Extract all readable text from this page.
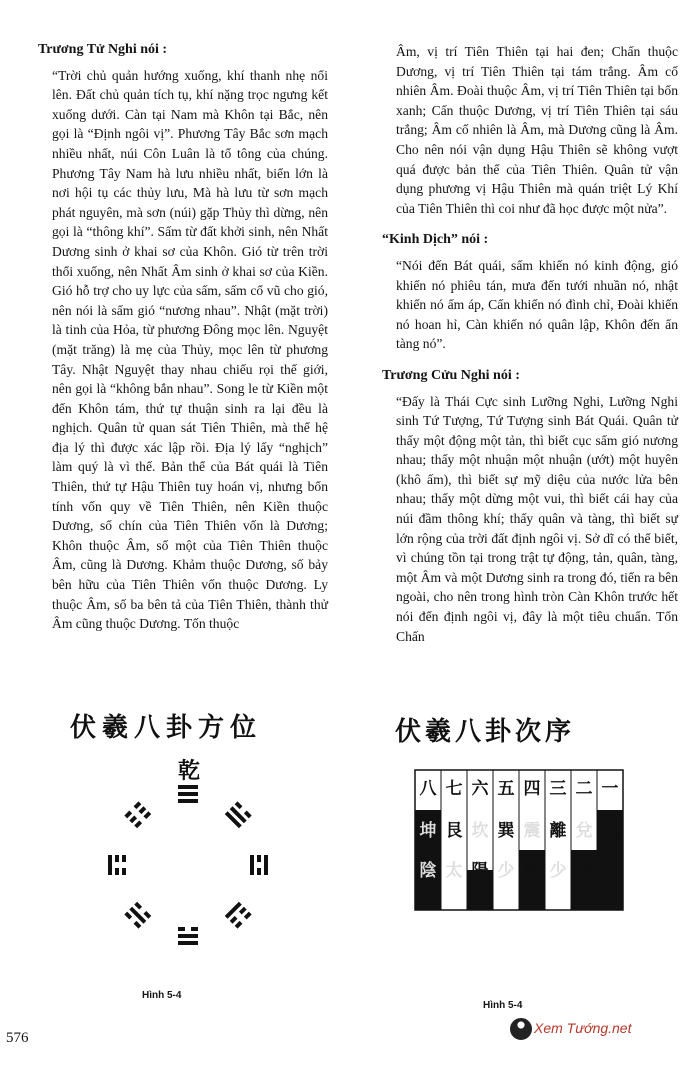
Trương Tử Nghi nói :
“Trời chủ quản hướng xuống, khí thanh nhẹ nổi lên. Đất chủ quản tích tụ, khí nặng trọc ngưng kết xuống dưới. Càn tại Nam mà Khôn tại Bắc, nên gọi là “Định ngôi vị”. Phương Tây Bắc sơn mạch nhiều nhất, núi Côn Luân là tổ tông của chúng. Phương Tây Nam hà lưu nhiều nhất, biển lớn là nơi hội tụ các thủy lưu, Mà hà lưu từ sơn mạch phát nguyên, mà sơn (núi) gặp Thủy thì dừng, nên gọi là “thông khí”. Sấm từ đất khởi sinh, nên Nhất Dương sinh ở khai sơ của Khôn. Gió từ trên trời thổi xuống, nên Nhất Âm sinh ở khai sơ của Kiền. Gió hỗ trợ cho uy lực của sấm, sấm cổ vũ cho gió, nên nói là sấm gió “nương nhau”. Nhật (mặt trời) là tinh của Hỏa, từ phương Đông mọc lên. Nguyệt (mặt trăng) là mẹ của Thủy, mọc lên từ phương Tây. Nhật Nguyệt thay nhau chiếu rọi thế giới, nên gọi là “không bắn nhau”. Song le từ Kiền một đến Khôn tám, thứ tự thuận sinh ra lại đều là nghịch. Quân tử quan sát Tiên Thiên, mà thể hệ địa lý thì được xác lập rồi. Địa lý lấy “nghịch” làm quý là vì thế. Bản thể của Bát quái là Tiên Thiên, thứ tự Hậu Thiên tuy hoán vị, nhưng bổn tính vốn quy về Tiên Thiên, nên Kiền thuộc Dương, số chín của Tiên Thiên vốn là Dương; Khôn thuộc Âm, số một của Tiên Thiên thuộc Âm, cũng là Dương. Khảm thuộc Dương, số bảy bên hữu của Tiên Thiên vốn thuộc Dương. Ly thuộc Âm, số ba bên tả của Tiên Thiên, thành thử Âm cũng thuộc Dương. Tốn thuộc
Âm, vị trí Tiên Thiên tại hai đen; Chấn thuộc Dương, vị trí Tiên Thiên tại tám trắng. Âm cố nhiên Âm. Đoài thuộc Âm, vị trí Tiên Thiên tại bốn xanh; Cấn thuộc Dương, vị trí Tiên Thiên tại sáu trắng; Âm cố nhiên là Âm, mà Dương cũng là Âm. Cho nên nói vận dụng Hậu Thiên sẽ không vượt quá được bản thể của Tiên Thiên. Quân tử vận dụng phương vị Hậu Thiên mà quán triệt Lý Khí của Tiên Thiên thì coi như đã học được một nửa”.
“Kinh Dịch” nói :
“Nói đến Bát quái, sấm khiến nó kinh động, gió khiến nó phiêu tán, mưa đến tưới nhuần nó, nhật khiến nó ấm áp, Cấn khiến nó đình chỉ, Đoài khiến nó hoan hỉ, Càn khiến nó quân lập, Khôn đến ẩn tàng nó”.
Trương Cửu Nghi nói :
“Đấy là Thái Cực sinh Lưỡng Nghi, Lưỡng Nghi sinh Tứ Tượng, Tứ Tượng sinh Bát Quái. Quân tử thấy một động một tản, thì biết cục sấm gió nương nhau; thấy một nhuận một nhuận (ướt) một huyên (khô ấm), thì biết sự mỹ diệu của nước lửa bên nhau; thấy một dừng một vui, thì biết cái hay của núi đầm thông khí; thấy quân và tàng, thì biết sự lớn rộng của trời đất định ngôi vị. Sở dĩ có thể biết, vì chúng tồn tại trong trật tự động, tản, quân, tàng, một Âm và một Dương sinh ra trong đó, tiến ra bên ngoài, cho nên trong hình tròn Càn Khôn trước hết nói đến định ngôi vị, đây là một tiêu chuẩn. Tốn Chấn
伏羲八卦方位
乾
Hình 5-4
伏羲八卦次序
一
乾
太
二
兌
陽
三
離
少
四
震
陰
五
巽
少
六
坎
陽
七
艮
太
八
坤
陰
Hình 5-4
576
Xem Tướng.net
